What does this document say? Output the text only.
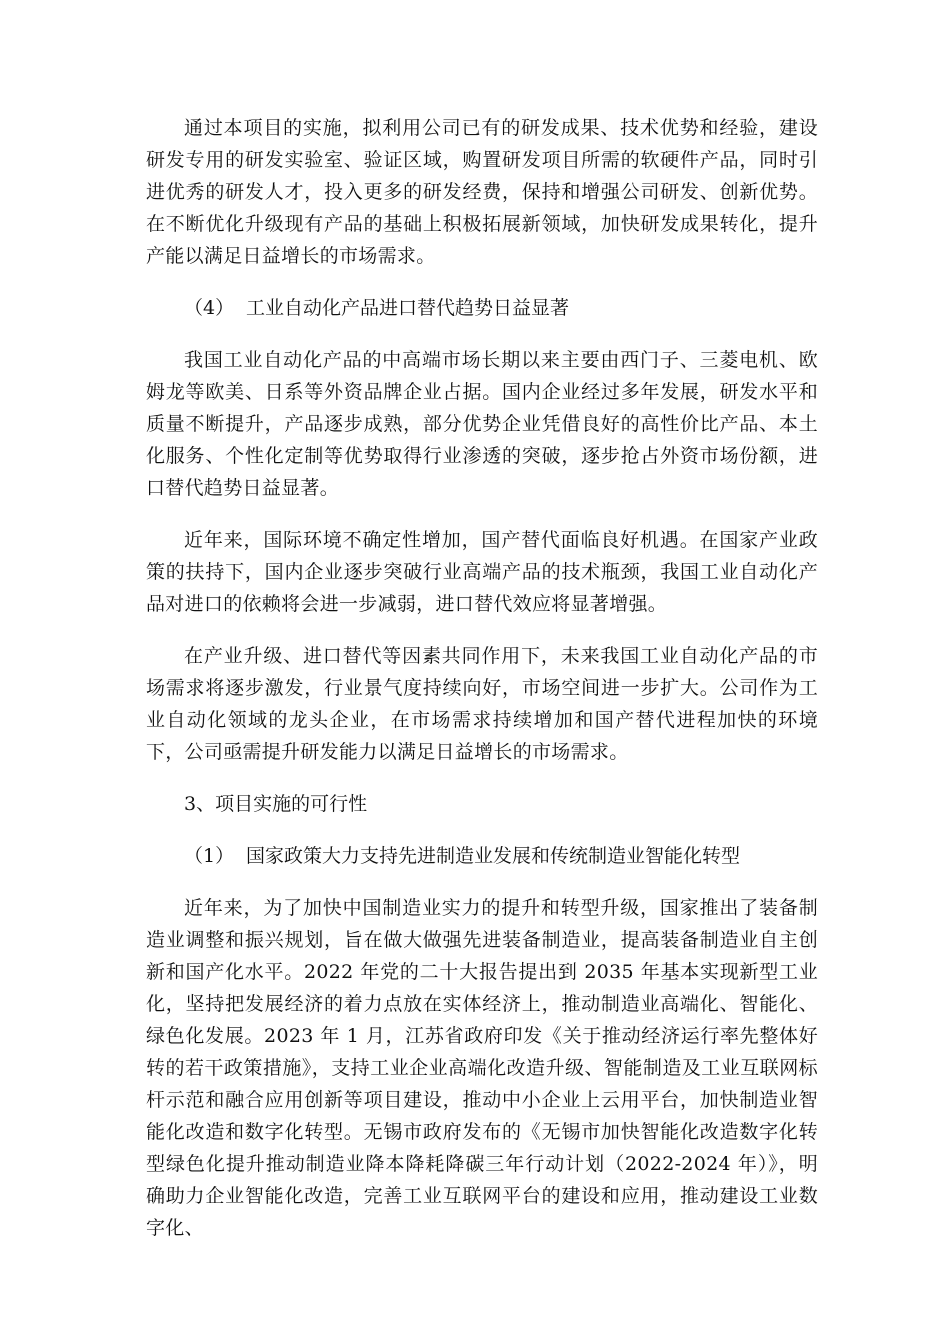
通过本项目的实施，拟利用公司已有的研发成果、技术优势和经验，建设研发专用的研发实验室、验证区域，购置研发项目所需的软硬件产品，同时引进优秀的研发人才，投入更多的研发经费，保持和增强公司研发、创新优势。在不断优化升级现有产品的基础上积极拓展新领域，加快研发成果转化，提升产能以满足日益增长的市场需求。

（4） 工业自动化产品进口替代趋势日益显著

我国工业自动化产品的中高端市场长期以来主要由西门子、三菱电机、欧姆龙等欧美、日系等外资品牌企业占据。国内企业经过多年发展，研发水平和质量不断提升，产品逐步成熟，部分优势企业凭借良好的高性价比产品、本土化服务、个性化定制等优势取得行业渗透的突破，逐步抢占外资市场份额，进口替代趋势日益显著。

近年来，国际环境不确定性增加，国产替代面临良好机遇。在国家产业政策的扶持下，国内企业逐步突破行业高端产品的技术瓶颈，我国工业自动化产品对进口的依赖将会进一步减弱，进口替代效应将显著增强。

在产业升级、进口替代等因素共同作用下，未来我国工业自动化产品的市场需求将逐步激发，行业景气度持续向好，市场空间进一步扩大。公司作为工业自动化领域的龙头企业，在市场需求持续增加和国产替代进程加快的环境下，公司亟需提升研发能力以满足日益增长的市场需求。

3、项目实施的可行性

（1） 国家政策大力支持先进制造业发展和传统制造业智能化转型

近年来，为了加快中国制造业实力的提升和转型升级，国家推出了装备制造业调整和振兴规划，旨在做大做强先进装备制造业，提高装备制造业自主创新和国产化水平。2022 年党的二十大报告提出到 2035 年基本实现新型工业化，坚持把发展经济的着力点放在实体经济上，推动制造业高端化、智能化、绿色化发展。2023 年 1 月，江苏省政府印发《关于推动经济运行率先整体好转的若干政策措施》，支持工业企业高端化改造升级、智能制造及工业互联网标杆示范和融合应用创新等项目建设，推动中小企业上云用平台，加快制造业智能化改造和数字化转型。无锡市政府发布的《无锡市加快智能化改造数字化转型绿色化提升推动制造业降本降耗降碳三年行动计划（2022-2024 年）》，明确助力企业智能化改造，完善工业互联网平台的建设和应用，推动建设工业数字化、
